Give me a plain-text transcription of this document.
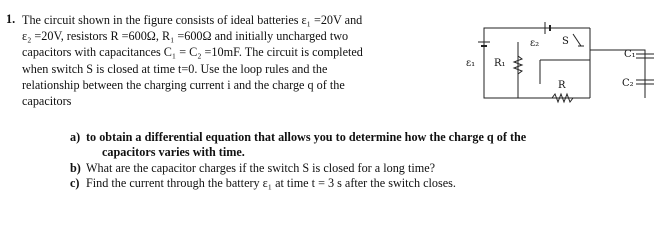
1. The circuit shown in the figure consists of ideal batteries ε₁ =20V and
ε₂ =20V, resistors R =600Ω, R₁ =600Ω and initially uncharged two
capacitors with capacitances C₁ = C₂ =10mF. The circuit is completed
when switch S is closed at time t=0. Use the loop rules and the
relationship between the charging current i and the charge q of the
capacitors

ε₂ S
C₁
ε₁ R₁
R	C₂
a) to obtain a differential equation that allows you to determine how the charge q of the
capacitors varies with time.
b) What are the capacitor charges if the switch S is closed for a long time?
c) Find the current through the battery ε₁ at time t = 3 s after the switch closes.
